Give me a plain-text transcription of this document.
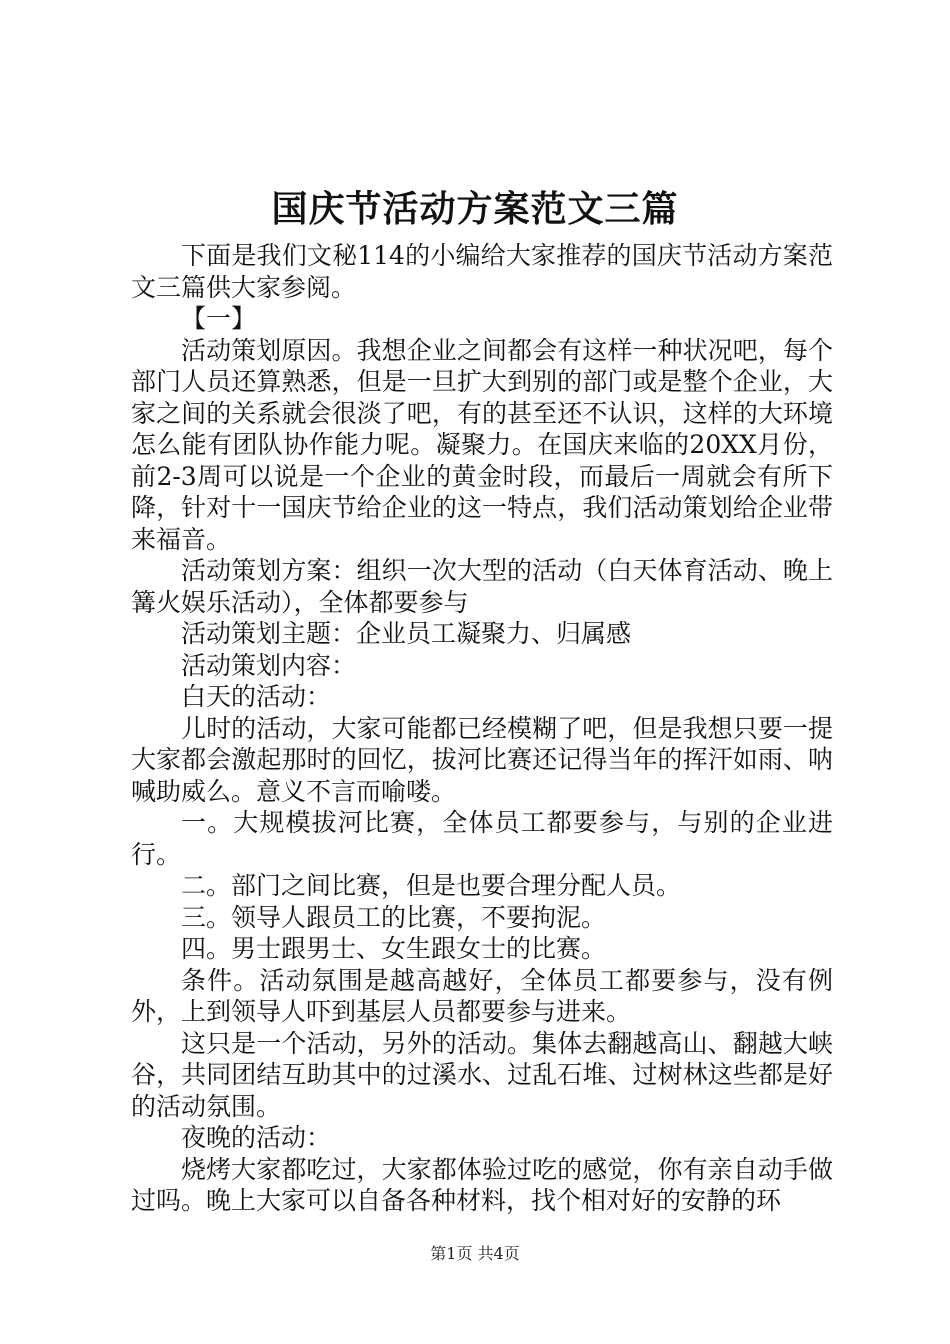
国庆节活动方案范文三篇

下面是我们文秘114的小编给大家推荐的国庆节活动方案范文三篇供大家参阅。

【一】

活动策划原因。我想企业之间都会有这样一种状况吧，每个部门人员还算熟悉，但是一旦扩大到别的部门或是整个企业，大家之间的关系就会很淡了吧，有的甚至还不认识，这样的大环境怎么能有团队协作能力呢。凝聚力。在国庆来临的20XX月份，前2-3周可以说是一个企业的黄金时段，而最后一周就会有所下降，针对十一国庆节给企业的这一特点，我们活动策划给企业带来福音。

活动策划方案：组织一次大型的活动（白天体育活动、晚上篝火娱乐活动），全体都要参与

活动策划主题：企业员工凝聚力、归属感

活动策划内容：

白天的活动：

儿时的活动，大家可能都已经模糊了吧，但是我想只要一提大家都会激起那时的回忆，拔河比赛还记得当年的挥汗如雨、呐喊助威么。意义不言而喻喽。

一。大规模拔河比赛，全体员工都要参与，与别的企业进行。

二。部门之间比赛，但是也要合理分配人员。

三。领导人跟员工的比赛，不要拘泥。

四。男士跟男士、女生跟女士的比赛。

条件。活动氛围是越高越好，全体员工都要参与，没有例外，上到领导人吓到基层人员都要参与进来。

这只是一个活动，另外的活动。集体去翻越高山、翻越大峡谷，共同团结互助其中的过溪水、过乱石堆、过树林这些都是好的活动氛围。

夜晚的活动：

烧烤大家都吃过，大家都体验过吃的感觉，你有亲自动手做过吗。晚上大家可以自备各种材料，找个相对好的安静的环

第1页 共4页
